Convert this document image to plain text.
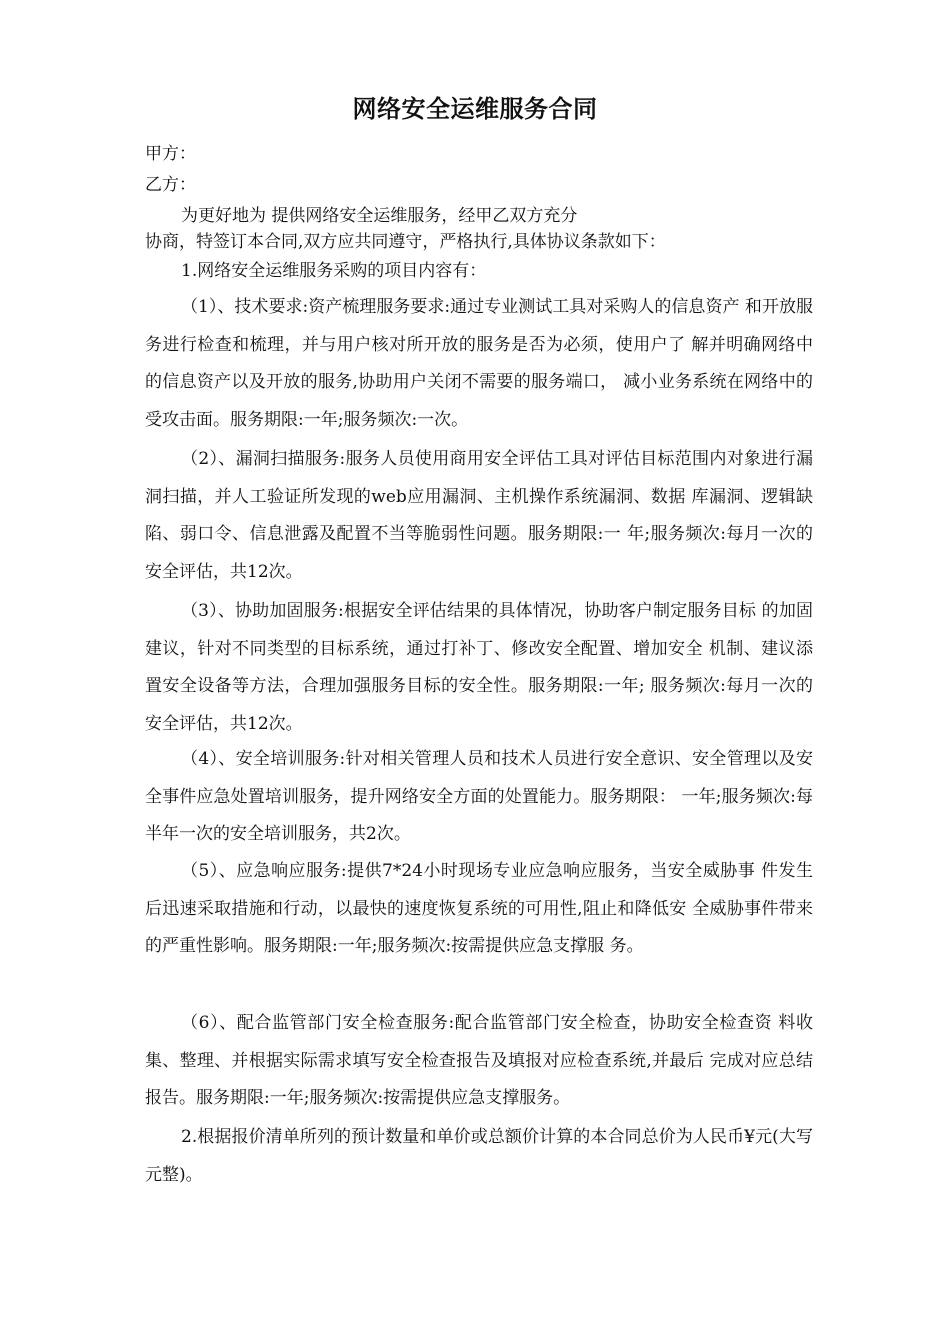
网络安全运维服务合同
甲方：
乙方：
为更好地为 提供网络安全运维服务，经甲乙双方充分
协商，特签订本合同,双方应共同遵守，严格执行,具体协议条款如下：
1.网络安全运维服务采购的项目内容有：

（1）、技术要求:资产梳理服务要求:通过专业测试工具对采购人的信息资产 和开放服务进行检查和梳理，并与用户核对所开放的服务是否为必须，使用户了 解并明确网络中的信息资产以及开放的服务,协助用户关闭不需要的服务端口， 减小业务系统在网络中的受攻击面。服务期限:一年;服务频次:一次。

（2）、漏洞扫描服务:服务人员使用商用安全评估工具对评估目标范围内对象进行漏洞扫描，并人工验证所发现的web应用漏洞、主机操作系统漏洞、数据 库漏洞、逻辑缺陷、弱口令、信息泄露及配置不当等脆弱性问题。服务期限:一 年;服务频次:每月一次的安全评估，共12次。

（3）、协助加固服务:根据安全评估结果的具体情况，协助客户制定服务目标 的加固建议，针对不同类型的目标系统，通过打补丁、修改安全配置、增加安全 机制、建议添置安全设备等方法，合理加强服务目标的安全性。服务期限:一年; 服务频次:每月一次的安全评估，共12次。

（4）、安全培训服务:针对相关管理人员和技术人员进行安全意识、安全管理以及安全事件应急处置培训服务，提升网络安全方面的处置能力。服务期限： 一年;服务频次:每半年一次的安全培训服务，共2次。

（5）、应急响应服务:提供7*24小时现场专业应急响应服务，当安全威胁事 件发生后迅速采取措施和行动，以最快的速度恢复系统的可用性,阻止和降低安 全威胁事件带来的严重性影响。服务期限:一年;服务频次:按需提供应急支撑服 务。

（6）、配合监管部门安全检查服务:配合监管部门安全检查，协助安全检查资 料收集、整理、并根据实际需求填写安全检查报告及填报对应检查系统,并最后 完成对应总结报告。服务期限:一年;服务频次:按需提供应急支撑服务。

2.根据报价清单所列的预计数量和单价或总额价计算的本合同总价为人民币¥元(大写 元整)。
